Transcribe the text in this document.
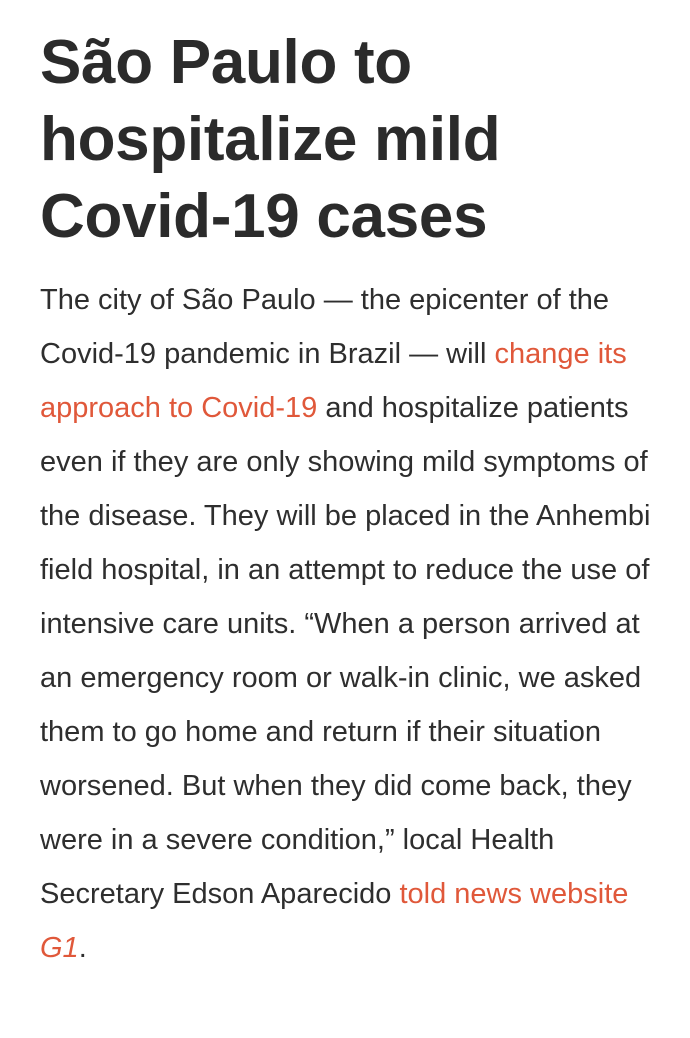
São Paulo to hospitalize mild Covid-19 cases

The city of São Paulo — the epicenter of the Covid-19 pandemic in Brazil — will change its approach to Covid-19 and hospitalize patients even if they are only showing mild symptoms of the disease. They will be placed in the Anhembi field hospital, in an attempt to reduce the use of intensive care units. “When a person arrived at an emergency room or walk-in clinic, we asked them to go home and return if their situation worsened. But when they did come back, they were in a severe condition,” local Health Secretary Edson Aparecido told news website G1.
